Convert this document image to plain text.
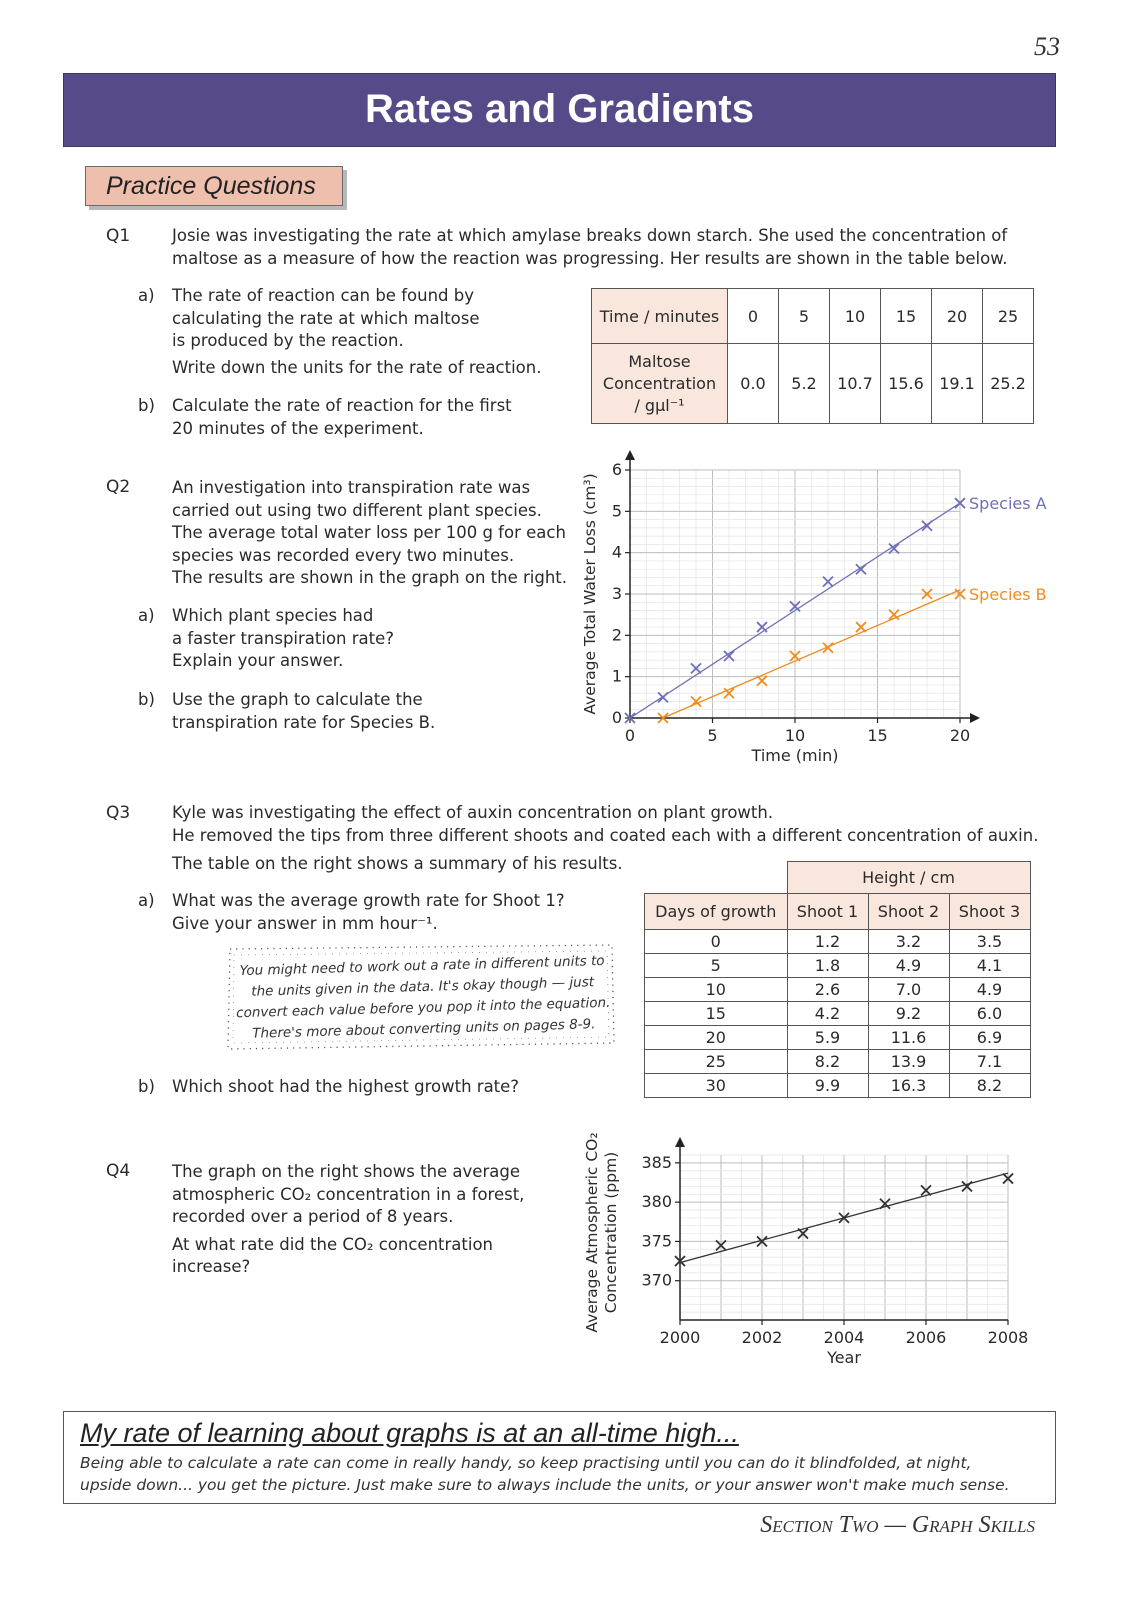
53
Rates and Gradients
Practice Questions
Q1	Josie was investigating the rate at which amylase breaks down starch. She used the concentration of
maltose as a measure of how the reaction was progressing. Her results are shown in the table below.
a) The rate of reaction can be found by
calculating the rate at which maltose
is produced by the reaction.
Write down the units for the rate of reaction.
b) Calculate the rate of reaction for the first
20 minutes of the experiment.
Time / minutes	0	5	10	15	20	25

Maltose
Concentration
/ gµl⁻¹	0.0	5.2	10.7	15.6	19.1	25.2
Q2	An investigation into transpiration rate was
carried out using two different plant species.
The average total water loss per 100 g for each
species was recorded every two minutes.
The results are shown in the graph on the right.
a) Which plant species had
a faster transpiration rate?
Explain your answer.
b) Use the graph to calculate the
transpiration rate for Species B.
0	5	10	15	20
0
1
2
3
4
5
6
Time (min)
Average Total Water Loss (cm³)	Species A
Species B
Q3	Kyle was investigating the effect of auxin concentration on plant growth.
He removed the tips from three different shoots and coated each with a different concentration of auxin.
The table on the right shows a summary of his results.
a) What was the average growth rate for Shoot 1?
Give your answer in mm hour⁻¹.
You might need to work out a rate in different units to
the units given in the data. It's okay though — just
convert each value before you pop it into the equation.
There's more about converting units on pages 8-9.
b) Which shoot had the highest growth rate?
	Height / cm		
Days of growth	Shoot 1	Shoot 2	Shoot 3
0	1.2	3.2	3.5
5	1.8	4.9	4.1
10	2.6	7.0	4.9
15	4.2	9.2	6.0
20	5.9	11.6	6.9
25	8.2	13.9	7.1
30	9.9	16.3	8.2
Q4	The graph on the right shows the average
atmospheric CO₂ concentration in a forest,
recorded over a period of 8 years.
At what rate did the CO₂ concentration increase?
2000	2002	2004	2006	2008
370
375
380
385
Year
Average Atmospheric CO₂ Concentration (ppm)
My rate of learning about graphs is at an all-time high...
Being able to calculate a rate can come in really handy, so keep practising until you can do it blindfolded, at night,
upside down... you get the picture. Just make sure to always include the units, or your answer won't make much sense.
Section Two — Graph Skills
